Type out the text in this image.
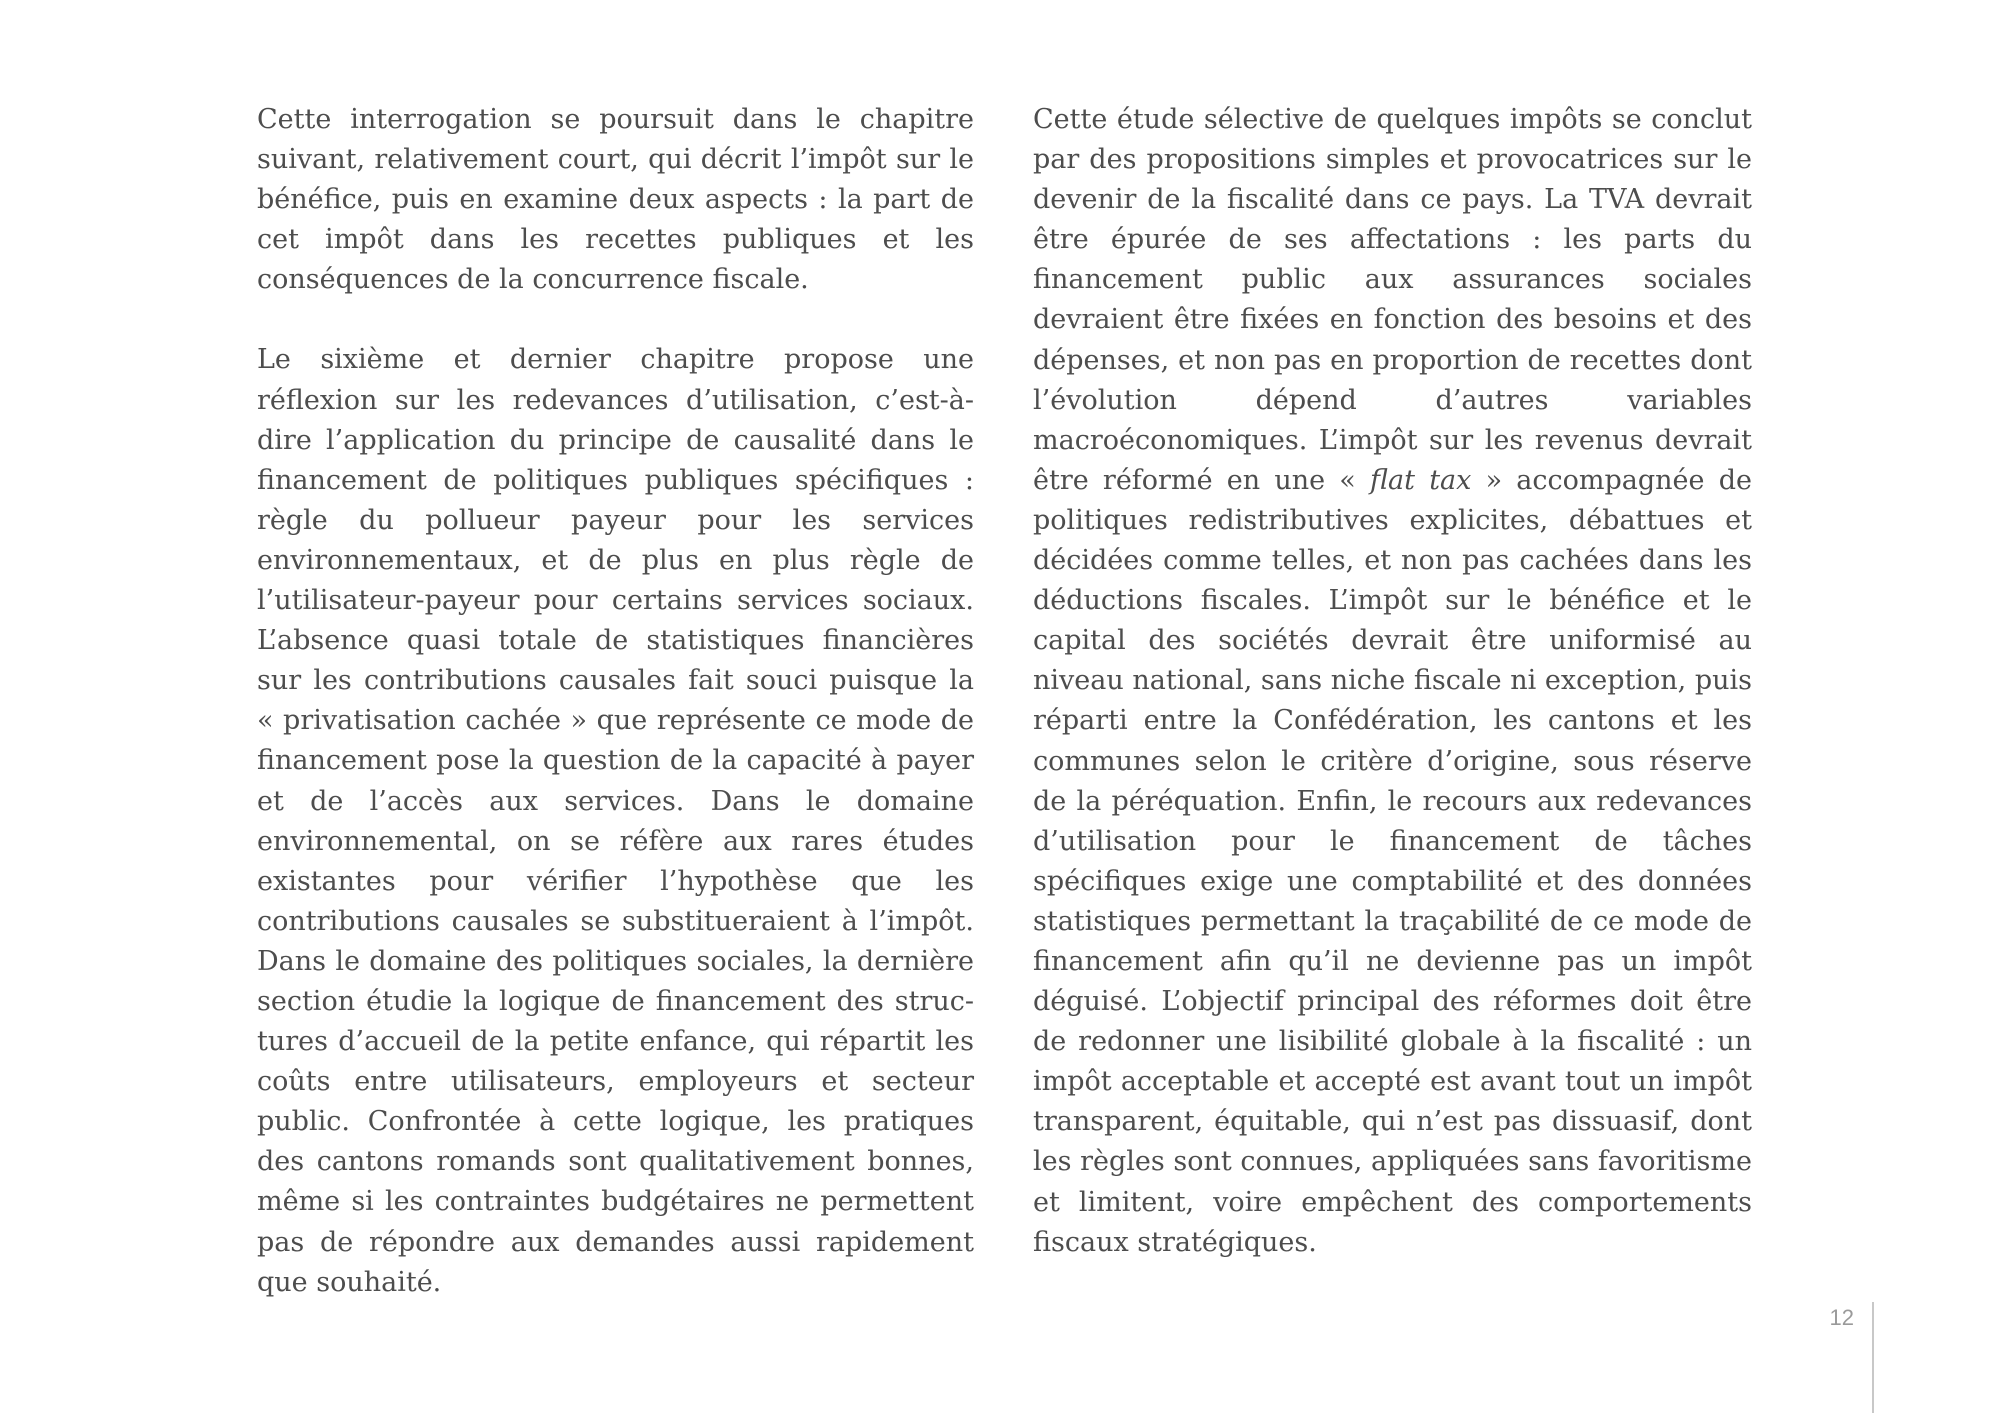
Cette interrogation se poursuit dans le chapitre suivant, relativement court, qui décrit l’impôt sur le bénéfice, puis en examine deux aspects : la part de cet impôt dans les recettes publiques et les conséquences de la concurrence fiscale.

Le sixième et dernier chapitre propose une réflexion sur les redevances d’utilisation, c’est-à-dire l’application du principe de causalité dans le financement de politiques publiques spécifiques : règle du pollueur payeur pour les services environnementaux, et de plus en plus règle de l’utilisateur-payeur pour certains services sociaux. L’absence quasi totale de statistiques financières sur les contributions causales fait souci puisque la « privatisation cachée » que représente ce mode de financement pose la question de la capacité à payer et de l’accès aux services. Dans le domaine environnemental, on se réfère aux rares études existantes pour vérifier l’hypothèse que les contributions causales se substitueraient à l’impôt. Dans le domaine des politiques sociales, la dernière section étudie la logique de financement des structures d’accueil de la petite enfance, qui répartit les coûts entre utilisateurs, employeurs et secteur public. Confrontée à cette logique, les pratiques des cantons romands sont qualitativement bonnes, même si les contraintes budgétaires ne permettent pas de répondre aux demandes aussi rapidement que souhaité.

Cette étude sélective de quelques impôts se conclut par des propositions simples et provocatrices sur le devenir de la fiscalité dans ce pays. La TVA devrait être épurée de ses affectations : les parts du financement public aux assurances sociales devraient être fixées en fonction des besoins et des dépenses, et non pas en proportion de recettes dont l’évolution dépend d’autres variables macroéconomiques. L’impôt sur les revenus devrait être réformé en une « flat tax » accompagnée de politiques redistributives explicites, débattues et décidées comme telles, et non pas cachées dans les déductions fiscales. L’impôt sur le bénéfice et le capital des sociétés devrait être uniformisé au niveau national, sans niche fiscale ni exception, puis réparti entre la Confédération, les cantons et les communes selon le critère d’origine, sous réserve de la péréquation. Enfin, le recours aux redevances d’utilisation pour le financement de tâches spécifiques exige une comptabilité et des données statistiques permettant la traçabilité de ce mode de financement afin qu’il ne devienne pas un impôt déguisé. L’objectif principal des réformes doit être de redonner une lisibilité globale à la fiscalité : un impôt acceptable et accepté est avant tout un impôt transparent, équitable, qui n’est pas dissuasif, dont les règles sont connues, appliquées sans favoritisme et limitent, voire empêchent des comportements fiscaux stratégiques.

12
